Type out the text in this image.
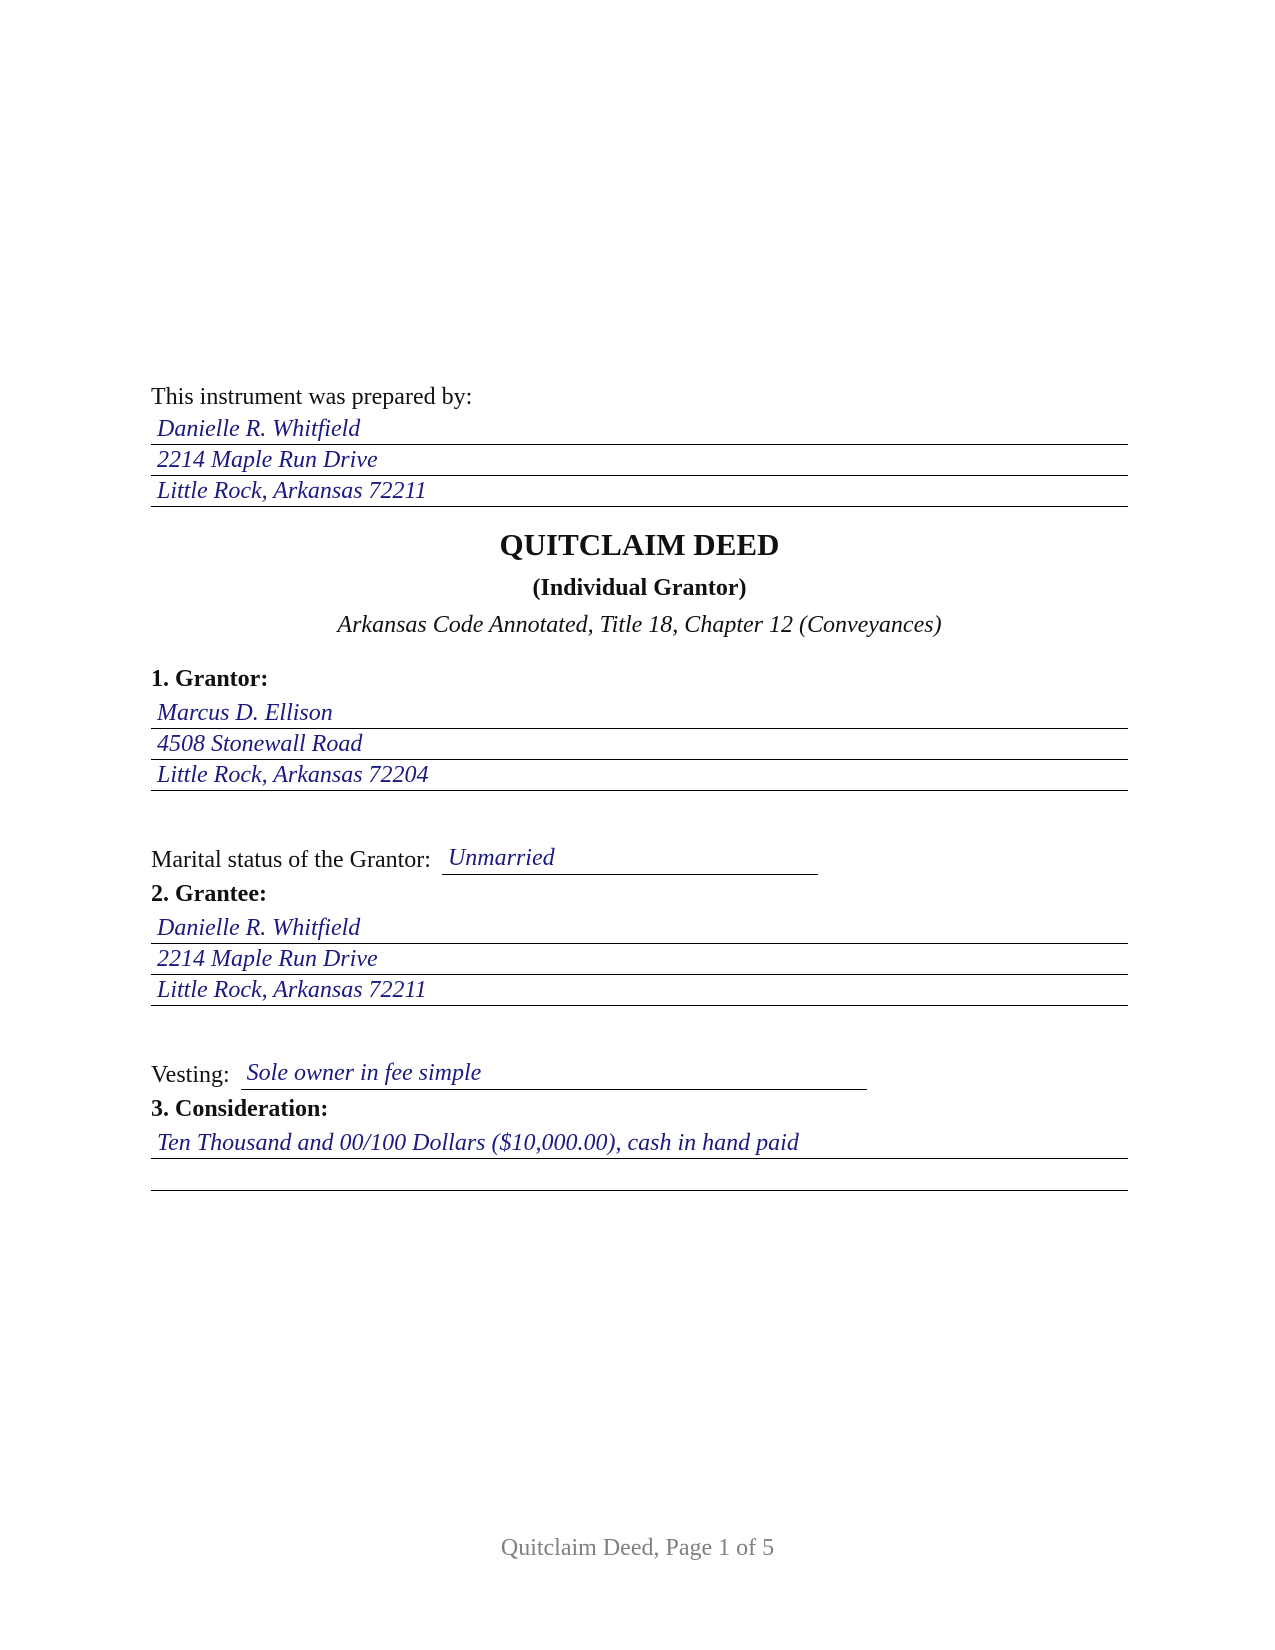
This instrument was prepared by:
Danielle R. Whitfield
2214 Maple Run Drive
Little Rock, Arkansas 72211
QUITCLAIM DEED
(Individual Grantor)
Arkansas Code Annotated, Title 18, Chapter 12 (Conveyances)
1. Grantor:
Marcus D. Ellison
4508 Stonewall Road
Little Rock, Arkansas 72204
Marital status of the Grantor: Unmarried
2. Grantee:
Danielle R. Whitfield
2214 Maple Run Drive
Little Rock, Arkansas 72211
Vesting: Sole owner in fee simple
3. Consideration:
Ten Thousand and 00/100 Dollars ($10,000.00), cash in hand paid
Quitclaim Deed, Page 1 of 5
